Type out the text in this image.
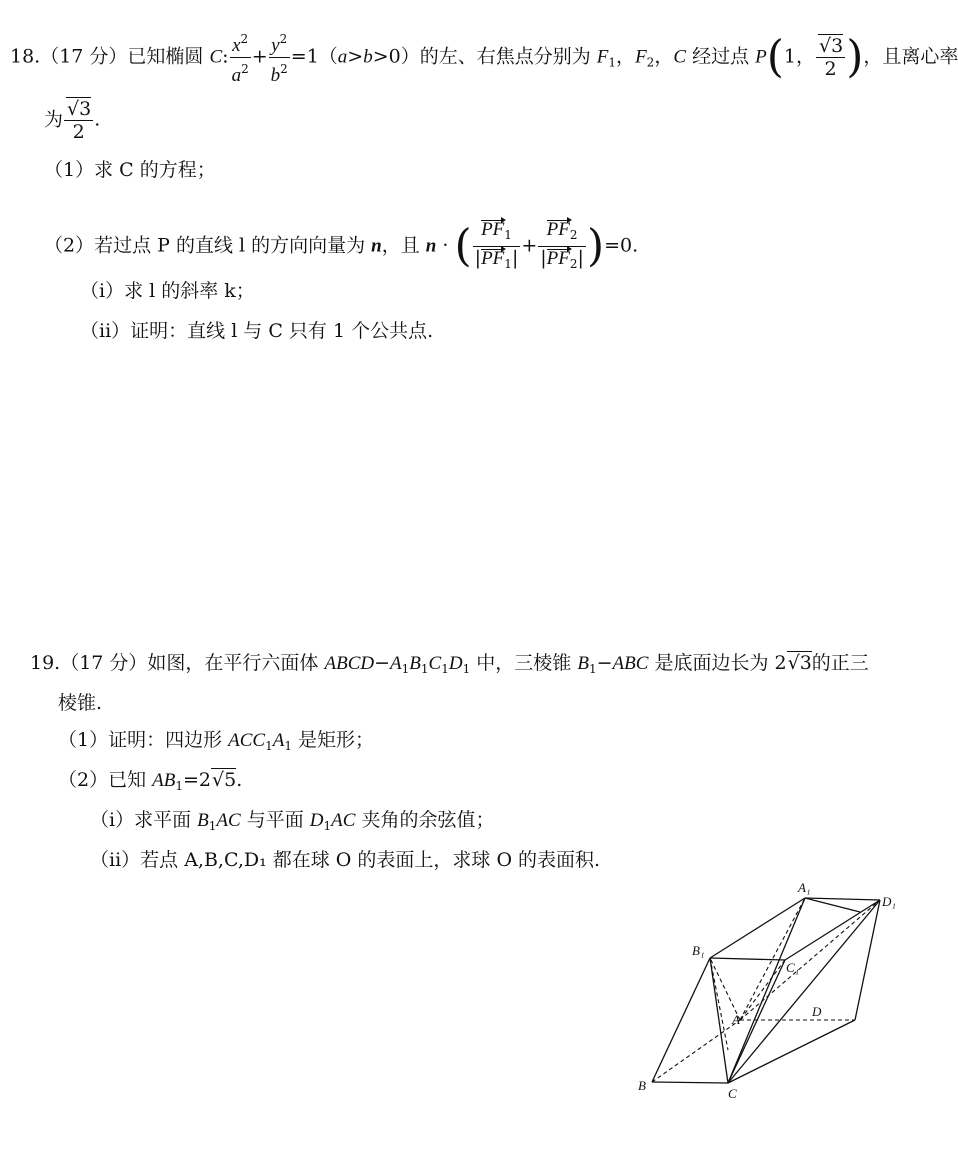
18.（17 分）已知椭圆 C: $\frac{x^2}{a^2} + \frac{y^2}{b^2} =1(a>b>0)$的左、右焦点分别为 $F_1$，$F_2$，C 经过点 P(1， $\frac{√3}{2}$ )，且离心率
为 $\frac{√3}{2}$ .
（1）求 C 的方程；
（2）若过点 P 的直线 l 的方向向量为 n，且 n · ( $\frac{PF_1}{|PF_1|} + \frac{PF_2}{|PF_2|} )=0$.
（i）求 l 的斜率 k；
（ii）证明：直线 l 与 C 只有 1 个公共点.
19.（17 分）如图，在平行六面体 $ABCD-A_1B_1C_1D_1$ 中，三棱锥 $B_1-ABC$ 是底面边长为 2√3的正三
棱锥.
（1）证明：四边形 $ACC_1A_1$ 是矩形；
（2）已知 $AB_1=2√5$.
（i）求平面 $B_1AC$ 与平面 $D_1AC$ 夹角的余弦值；
（ii）若点 A,B,C,D₁ 都在球 O 的表面上，求球 O 的表面积.
A₁
D₁
B₁
C₁
A
D
B
C
